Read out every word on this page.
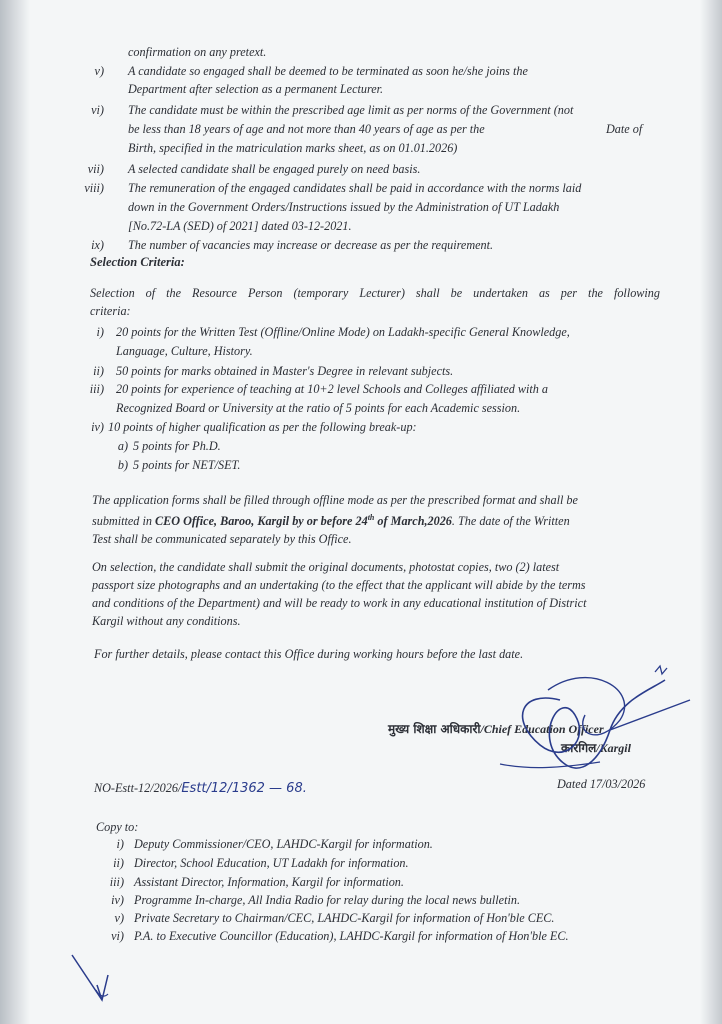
confirmation on any pretext.
v) A candidate so engaged shall be deemed to be terminated as soon he/she joins the
Department after selection as a permanent Lecturer.
vi) The candidate must be within the prescribed age limit as per norms of the Government (not
be less than 18 years of age and not more than 40 years of age as per the	Date of
Birth, specified in the matriculation marks sheet, as on 01.01.2026)
vii) A selected candidate shall be engaged purely on need basis.
viii) The remuneration of the engaged candidates shall be paid in accordance with the norms laid
down in the Government Orders/Instructions issued by the Administration of UT Ladakh
[No.72-LA (SED) of 2021] dated 03-12-2021.
ix) The number of vacancies may increase or decrease as per the requirement.
Selection Criteria:
Selection of the Resource Person (temporary Lecturer) shall be undertaken as per the following
criteria:
i) 20 points for the Written Test (Offline/Online Mode) on Ladakh-specific General Knowledge,
Language, Culture, History.
ii) 50 points for marks obtained in Master's Degree in relevant subjects.
iii) 20 points for experience of teaching at 10+2 level Schools and Colleges affiliated with a
Recognized Board or University at the ratio of 5 points for each Academic session.
iv) 10 points of higher qualification as per the following break-up:
a) 5 points for Ph.D.
b) 5 points for NET/SET.
The application forms shall be filled through offline mode as per the prescribed format and shall be
submitted in CEO Office, Baroo, Kargil by or before 24th of March,2026. The date of the Written
Test shall be communicated separately by this Office.
On selection, the candidate shall submit the original documents, photostat copies, two (2) latest
passport size photographs and an undertaking (to the effect that the applicant will abide by the terms
and conditions of the Department) and will be ready to work in any educational institution of District
Kargil without any conditions.
For further details, please contact this Office during working hours before the last date.
मुख्य शिक्षा अधिकारी/Chief Education Officer
कारगिल/Kargil
NO-Estt-12/2026/Estt/12/1362 — 68.	Dated 17/03/2026
Copy to:
i) Deputy Commissioner/CEO, LAHDC-Kargil for information.
ii) Director, School Education, UT Ladakh for information.
iii) Assistant Director, Information, Kargil for information.
iv) Programme In-charge, All India Radio for relay during the local news bulletin.
v) Private Secretary to Chairman/CEC, LAHDC-Kargil for information of Hon'ble CEC.
vi) P.A. to Executive Councillor (Education), LAHDC-Kargil for information of Hon'ble EC.
